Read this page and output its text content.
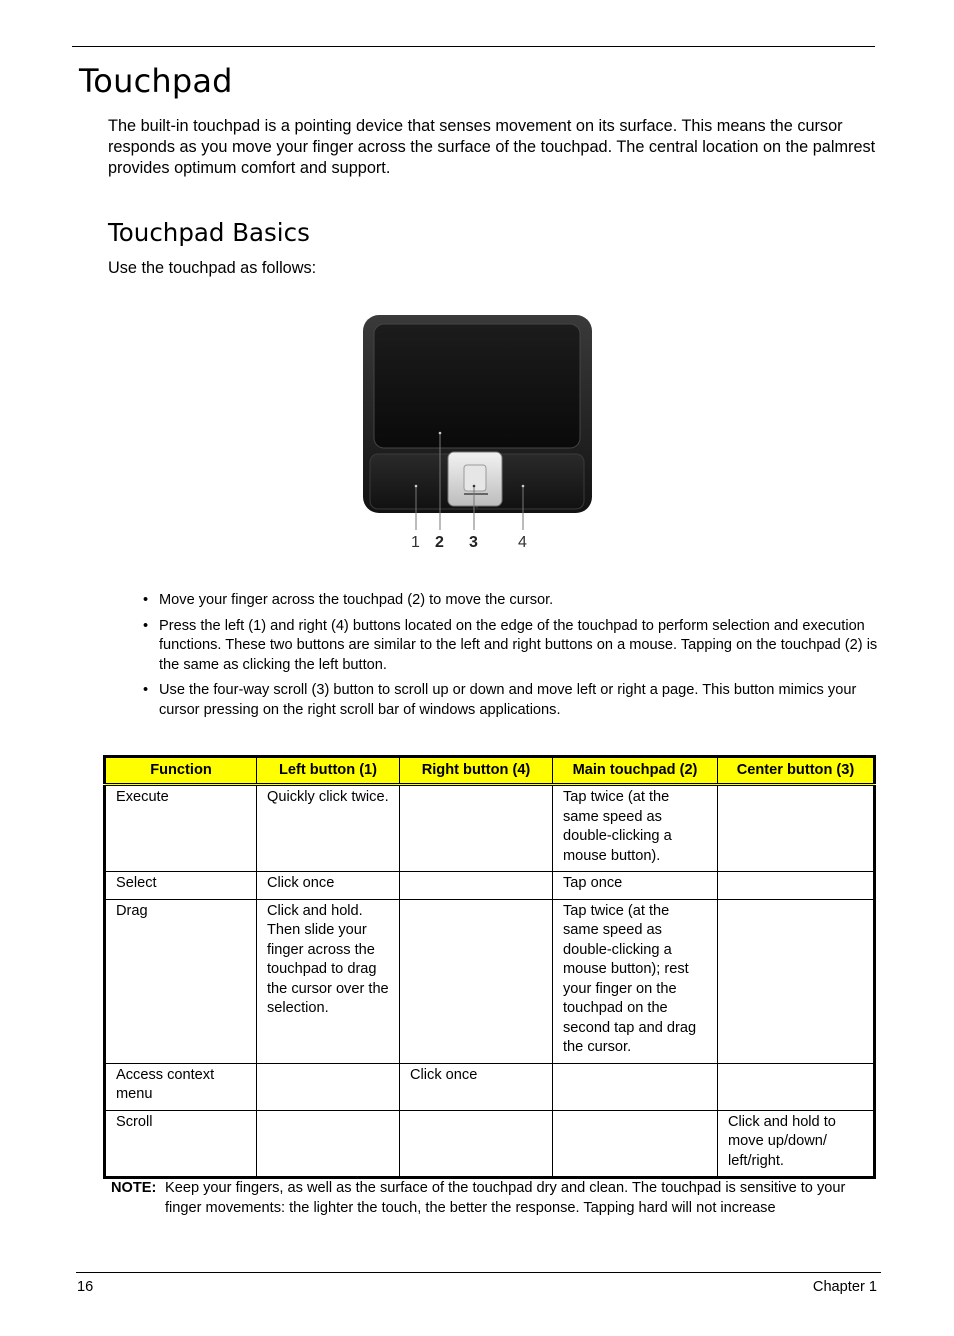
Touchpad

The built-in touchpad is a pointing device that senses movement on its surface. This means the cursor responds as you move your finger across the surface of the touchpad. The central location on the palmrest provides optimum comfort and support.

Touchpad Basics

Use the touchpad as follows:

1 2 3	4
• Move your finger across the touchpad (2) to move the cursor.
• Press the left (1) and right (4) buttons located on the edge of the touchpad to perform selection and execution functions. These two buttons are similar to the left and right buttons on a mouse. Tapping on the touchpad (2) is the same as clicking the left button.
• Use the four-way scroll (3) button to scroll up or down and move left or right a page. This button mimics your cursor pressing on the right scroll bar of windows applications.
Function	Left button (1)	Right button (4)	Main touchpad (2)	Center button (3)
Execute	Quickly click twice.		Tap twice (at the same speed as double-clicking a mouse button).	
Select	Click once		Tap once	
Drag	Click and hold. Then slide your finger across the touchpad to drag the cursor over the selection.		Tap twice (at the same speed as double-clicking a mouse button); rest your finger on the touchpad on the second tap and drag the cursor.	
Access context menu		Click once		
Scroll				Click and hold to move up/down/ left/right.
NOTE: Keep your fingers, as well as the surface of the touchpad dry and clean. The touchpad is sensitive to your finger movements: the lighter the touch, the better the response. Tapping hard will not increase
16	Chapter 1
